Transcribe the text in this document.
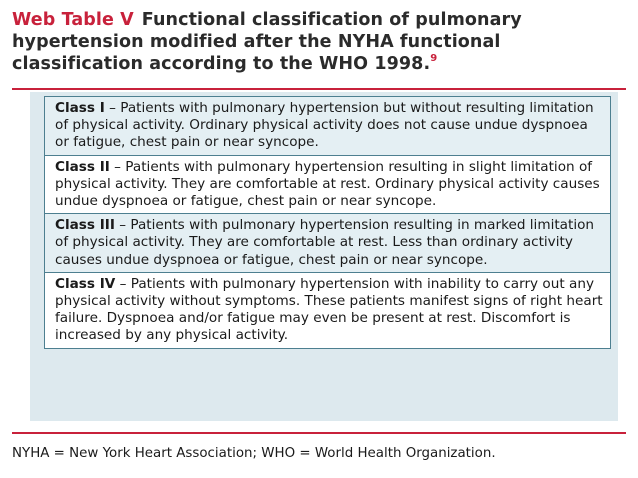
Web Table V Functional classification of pulmonary hypertension modified after the NYHA functional classification according to the WHO 1998.$^9$
Class I – Patients with pulmonary hypertension but without resulting limitation of physical activity. Ordinary physical activity does not cause undue dyspnoea or fatigue, chest pain or near syncope.
Class II – Patients with pulmonary hypertension resulting in slight limitation of physical activity. They are comfortable at rest. Ordinary physical activity causes undue dyspnoea or fatigue, chest pain or near syncope.
Class III – Patients with pulmonary hypertension resulting in marked limitation of physical activity. They are comfortable at rest. Less than ordinary activity causes undue dyspnoea or fatigue, chest pain or near syncope.
Class IV – Patients with pulmonary hypertension with inability to carry out any physical activity without symptoms. These patients manifest signs of right heart failure. Dyspnoea and/or fatigue may even be present at rest. Discomfort is increased by any physical activity.
NYHA = New York Heart Association; WHO = World Health Organization.
